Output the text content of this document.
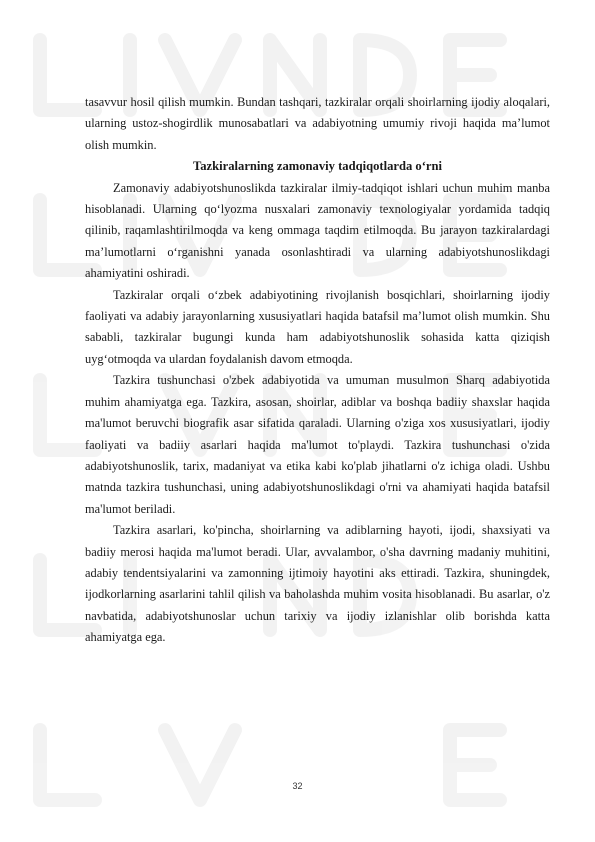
tasavvur hosil qilish mumkin. Bundan tashqari, tazkiralar orqali shoirlarning ijodiy aloqalari, ularning ustoz-shogirdlik munosabatlari va adabiyotning umumiy rivoji haqida ma’lumot olish mumkin.

Tazkiralarning zamonaviy tadqiqotlarda o‘rni

Zamonaviy adabiyotshunoslikda tazkiralar ilmiy-tadqiqot ishlari uchun muhim manba hisoblanadi. Ularning qo‘lyozma nusxalari zamonaviy texnologiyalar yordamida tadqiq qilinib, raqamlashtirilmoqda va keng ommaga taqdim etilmoqda. Bu jarayon tazkiralardagi ma’lumotlarni o‘rganishni yanada osonlashtiradi va ularning adabiyotshunoslikdagi ahamiyatini oshiradi.

Tazkiralar orqali o‘zbek adabiyotining rivojlanish bosqichlari, shoirlarning ijodiy faoliyati va adabiy jarayonlarning xususiyatlari haqida batafsil ma’lumot olish mumkin. Shu sababli, tazkiralar bugungi kunda ham adabiyotshunoslik sohasida katta qiziqish uyg‘otmoqda va ulardan foydalanish davom etmoqda.

Tazkira tushunchasi o'zbek adabiyotida va umuman musulmon Sharq adabiyotida muhim ahamiyatga ega. Tazkira, asosan, shoirlar, adiblar va boshqa badiiy shaxslar haqida ma'lumot beruvchi biografik asar sifatida qaraladi. Ularning o'ziga xos xususiyatlari, ijodiy faoliyati va badiiy asarlari haqida ma'lumot to'playdi. Tazkira tushunchasi o'zida adabiyotshunoslik, tarix, madaniyat va etika kabi ko'plab jihatlarni o'z ichiga oladi. Ushbu matnda tazkira tushunchasi, uning adabiyotshunoslikdagi o'rni va ahamiyati haqida batafsil ma'lumot beriladi.

Tazkira asarlari, ko'pincha, shoirlarning va adiblarning hayoti, ijodi, shaxsiyati va badiiy merosi haqida ma'lumot beradi. Ular, avvalambor, o'sha davrning madaniy muhitini, adabiy tendentsiyalarini va zamonning ijtimoiy hayotini aks ettiradi. Tazkira, shuningdek, ijodkorlarning asarlarini tahlil qilish va baholashda muhim vosita hisoblanadi. Bu asarlar, o'z navbatida, adabiyotshunoslar uchun tarixiy va ijodiy izlanishlar olib borishda katta ahamiyatga ega.

32
